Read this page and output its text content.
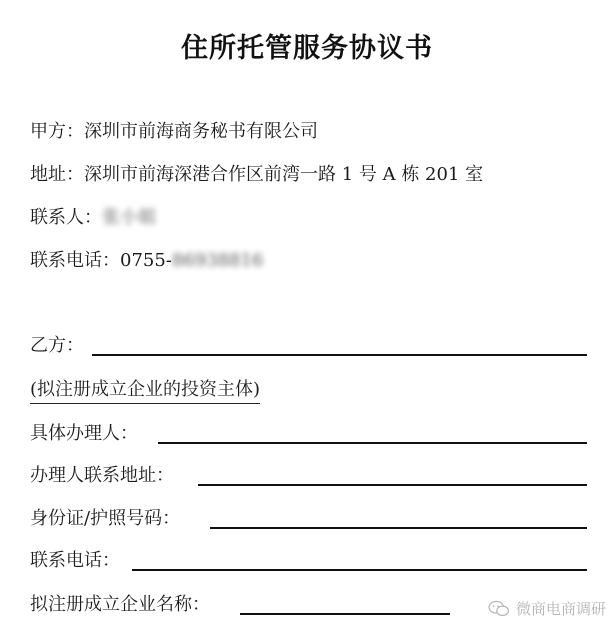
住所托管服务协议书
甲方：深圳市前海商务秘书有限公司
地址：深圳市前海深港合作区前湾一路 1 号 A 栋 201 室
联系人：张小姐
联系电话：0755-86938816
乙方：
(拟注册成立企业的投资主体)
具体办理人：
办理人联系地址：
身份证/护照号码：
联系电话：
拟注册成立企业名称：	微商电商调研
